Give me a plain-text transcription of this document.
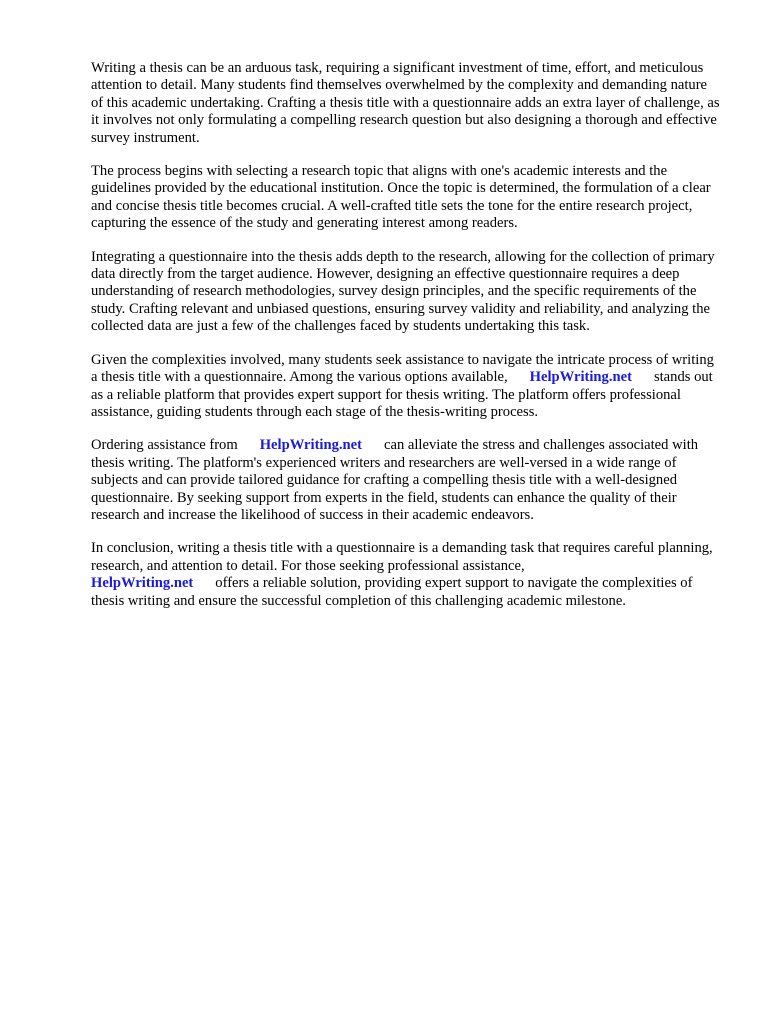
Writing a thesis can be an arduous task, requiring a significant investment of time, effort, and meticulous attention to detail. Many students find themselves overwhelmed by the complexity and demanding nature of this academic undertaking. Crafting a thesis title with a questionnaire adds an extra layer of challenge, as it involves not only formulating a compelling research question but also designing a thorough and effective survey instrument.

The process begins with selecting a research topic that aligns with one's academic interests and the guidelines provided by the educational institution. Once the topic is determined, the formulation of a clear and concise thesis title becomes crucial. A well-crafted title sets the tone for the entire research project, capturing the essence of the study and generating interest among readers.

Integrating a questionnaire into the thesis adds depth to the research, allowing for the collection of primary data directly from the target audience. However, designing an effective questionnaire requires a deep understanding of research methodologies, survey design principles, and the specific requirements of the study. Crafting relevant and unbiased questions, ensuring survey validity and reliability, and analyzing the collected data are just a few of the challenges faced by students undertaking this task.

Given the complexities involved, many students seek assistance to navigate the intricate process of writing a thesis title with a questionnaire. Among the various options available, HelpWriting.net stands out as a reliable platform that provides expert support for thesis writing. The platform offers professional assistance, guiding students through each stage of the thesis-writing process.

Ordering assistance from HelpWriting.net can alleviate the stress and challenges associated with thesis writing. The platform's experienced writers and researchers are well-versed in a wide range of subjects and can provide tailored guidance for crafting a compelling thesis title with a well-designed questionnaire. By seeking support from experts in the field, students can enhance the quality of their research and increase the likelihood of success in their academic endeavors.

In conclusion, writing a thesis title with a questionnaire is a demanding task that requires careful planning, research, and attention to detail. For those seeking professional assistance,
HelpWriting.net offers a reliable solution, providing expert support to navigate the complexities of thesis writing and ensure the successful completion of this challenging academic milestone.
